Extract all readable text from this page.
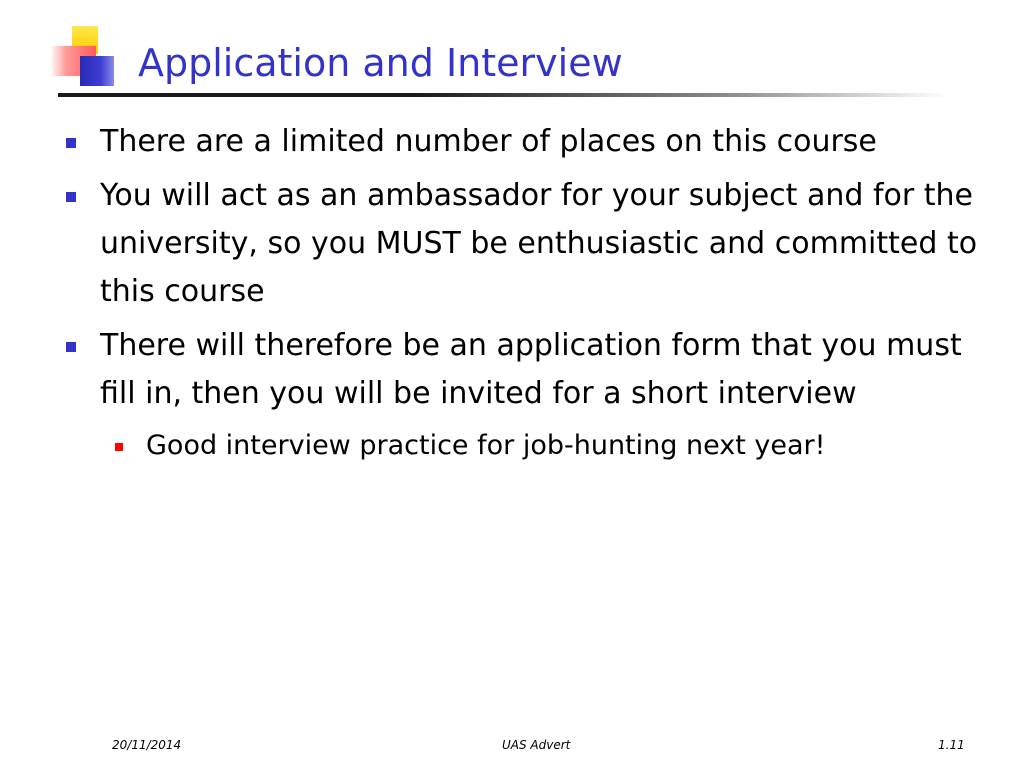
Application and Interview
There are a limited number of places on this course
You will act as an ambassador for your subject and for the university, so you MUST be enthusiastic and committed to this course
There will therefore be an application form that you must fill in, then you will be invited for a short interview
Good interview practice for job-hunting next year!
20/11/2014	UAS Advert	1.11
